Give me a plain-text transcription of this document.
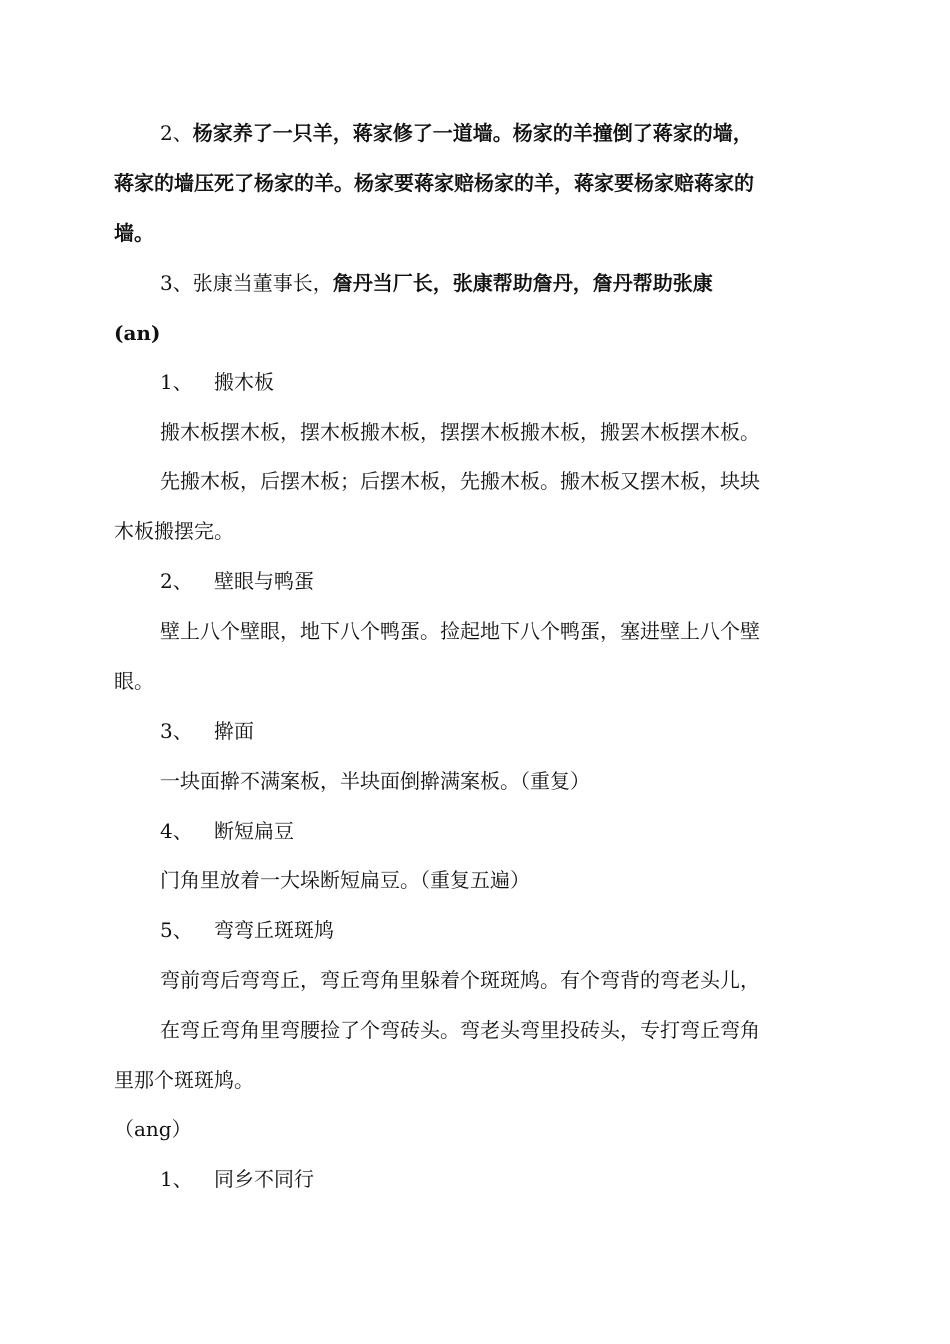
2、杨家养了一只羊，蒋家修了一道墙。杨家的羊撞倒了蒋家的墙，
蒋家的墙压死了杨家的羊。杨家要蒋家赔杨家的羊，蒋家要杨家赔蒋家的
墙。
3、张康当董事长，詹丹当厂长，张康帮助詹丹，詹丹帮助张康
(an)
1、 搬木板
搬木板摆木板，摆木板搬木板，摆摆木板搬木板，搬罢木板摆木板。
先搬木板，后摆木板；后摆木板，先搬木板。搬木板又摆木板，块块
木板搬摆完。
2、 壁眼与鸭蛋
壁上八个壁眼，地下八个鸭蛋。捡起地下八个鸭蛋，塞进壁上八个壁
眼。
3、 擀面
一块面擀不满案板，半块面倒擀满案板。（重复）
4、 断短扁豆
门角里放着一大垛断短扁豆。（重复五遍）
5、 弯弯丘斑斑鸠
弯前弯后弯弯丘，弯丘弯角里躲着个斑斑鸠。有个弯背的弯老头儿，
在弯丘弯角里弯腰捡了个弯砖头。弯老头弯里投砖头，专打弯丘弯角
里那个斑斑鸠。
（ang）
1、 同乡不同行
